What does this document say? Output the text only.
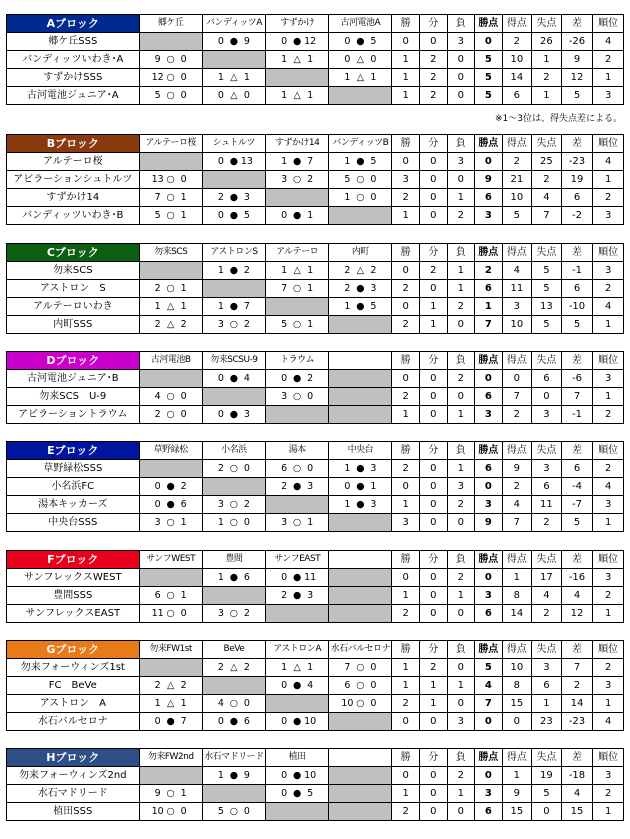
Aブロック	郷ケ丘	バンディッツA	すずかけ	古河電池A	勝	分	負	勝点	得点	失点	差	順位
郷ケ丘SSS		0 ● 9	0 ● 12	0 ● 5	0	0	3	0	2	26	-26	4
バンディッツいわき･A	9 ○ 0		1 △ 1	0 △ 0	1	2	0	5	10	1	9	2
すずかけSSS	12 ○ 0	1 △ 1		1 △ 1	1	2	0	5	14	2	12	1
古河電池ジュニア･A	5 ○ 0	0 △ 0	1 △ 1		1	2	0	5	6	1	5	3
Bブロック	アルテーロ桜	シュトルツ	すずかけ14	バンディッツB	勝	分	負	勝点	得点	失点	差	順位
アルテーロ桜		0 ● 13	1 ● 7	1 ● 5	0	0	3	0	2	25	-23	4
アビラーションシュトルツ	13 ○ 0		3 ○ 2	5 ○ 0	3	0	0	9	21	2	19	1
すずかけ14	7 ○ 1	2 ● 3		1 ○ 0	2	0	1	6	10	4	6	2
バンディッツいわき･B	5 ○ 1	0 ● 5	0 ● 1		1	0	2	3	5	7	-2	3
Cブロック	勿来SCS	アストロンS	アルテーロ	内町	勝	分	負	勝点	得点	失点	差	順位
勿来SCS		1 ● 2	1 △ 1	2 △ 2	0	2	1	2	4	5	-1	3
アストロン　S	2 ○ 1		7 ○ 1	2 ● 3	2	0	1	6	11	5	6	2
アルテーロいわき	1 △ 1	1 ● 7		1 ● 5	0	1	2	1	3	13	-10	4
内町SSS	2 △ 2	3 ○ 2	5 ○ 1		2	1	0	7	10	5	5	1
Dブロック	古河電池B	勿来SCSU-9	トラウム		勝	分	負	勝点	得点	失点	差	順位
古河電池ジュニア･B		0 ● 4	0 ● 2		0	0	2	0	0	6	-6	3
勿来SCS　U-9	4 ○ 0		3 ○ 0		2	0	0	6	7	0	7	1
アビラーショントラウム	2 ○ 0	0 ● 3			1	0	1	3	2	3	-1	2
Eブロック	草野緑松	小名浜	湯本	中央台	勝	分	負	勝点	得点	失点	差	順位
草野緑松SSS		2 ○ 0	6 ○ 0	1 ● 3	2	0	1	6	9	3	6	2
小名浜FC	0 ● 2		2 ● 3	0 ● 1	0	0	3	0	2	6	-4	4
湯本キッカーズ	0 ● 6	3 ○ 2		1 ● 3	1	0	2	3	4	11	-7	3
中央台SSS	3 ○ 1	1 ○ 0	3 ○ 1		3	0	0	9	7	2	5	1
Fブロック	サンフWEST	豊間	サンフEAST		勝	分	負	勝点	得点	失点	差	順位
サンフレックスWEST		1 ● 6	0 ● 11		0	0	2	0	1	17	-16	3
豊間SSS	6 ○ 1		2 ● 3		1	0	1	3	8	4	4	2
サンフレックスEAST	11 ○ 0	3 ○ 2			2	0	0	6	14	2	12	1
Gブロック	勿来FW1st	BeVe	アストロンA	水石バルセロナ	勝	分	負	勝点	得点	失点	差	順位
勿来フォーウィンズ1st		2 △ 2	1 △ 1	7 ○ 0	1	2	0	5	10	3	7	2
FC　BeVe	2 △ 2		0 ● 4	6 ○ 0	1	1	1	4	8	6	2	3
アストロン　A	1 △ 1	4 ○ 0		10 ○ 0	2	1	0	7	15	1	14	1
水石バルセロナ	0 ● 7	0 ● 6	0 ● 10		0	0	3	0	0	23	-23	4
Hブロック	勿来FW2nd	水石マドリード	植田		勝	分	負	勝点	得点	失点	差	順位
勿来フォーウィンズ2nd		1 ● 9	0 ● 10		0	0	2	0	1	19	-18	3
水石マドリード	9 ○ 1		0 ● 5		1	0	1	3	9	5	4	2
植田SSS	10 ○ 0	5 ○ 0			2	0	0	6	15	0	15	1
※1～3位は、得失点差による。
